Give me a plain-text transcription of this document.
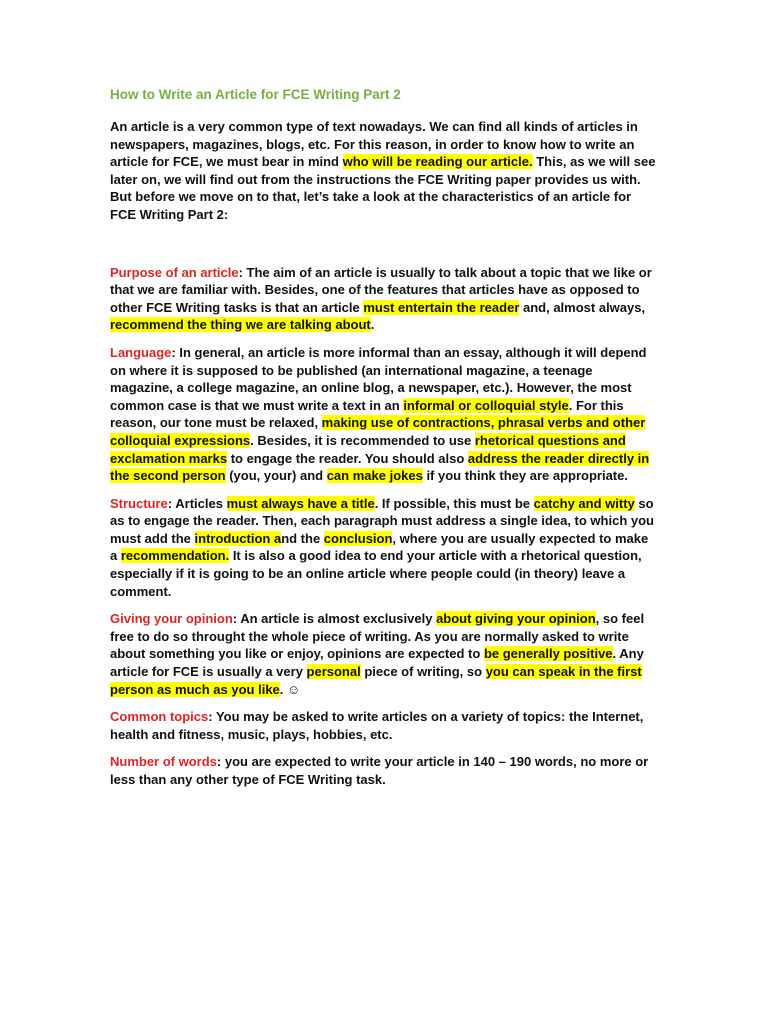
How to Write an Article for FCE Writing Part 2

An article is a very common type of text nowadays. We can find all kinds of articles in newspapers, magazines, blogs, etc. For this reason, in order to know how to write an article for FCE, we must bear in mind who will be reading our article. This, as we will see later on, we will find out from the instructions the FCE Writing paper provides us with. But before we move on to that, let’s take a look at the characteristics of an article for FCE Writing Part 2:

Purpose of an article: The aim of an article is usually to talk about a topic that we like or that we are familiar with. Besides, one of the features that articles have as opposed to other FCE Writing tasks is that an article must entertain the reader and, almost always, recommend the thing we are talking about.

Language: In general, an article is more informal than an essay, although it will depend on where it is supposed to be published (an international magazine, a teenage magazine, a college magazine, an online blog, a newspaper, etc.). However, the most common case is that we must write a text in an informal or colloquial style. For this reason, our tone must be relaxed, making use of contractions, phrasal verbs and other colloquial expressions. Besides, it is recommended to use rhetorical questions and exclamation marks to engage the reader. You should also address the reader directly in the second person (you, your) and can make jokes if you think they are appropriate.

Structure: Articles must always have a title. If possible, this must be catchy and witty so as to engage the reader. Then, each paragraph must address a single idea, to which you must add the introduction and the conclusion, where you are usually expected to make a recommendation. It is also a good idea to end your article with a rhetorical question, especially if it is going to be an online article where people could (in theory) leave a comment.

Giving your opinion: An article is almost exclusively about giving your opinion, so feel free to do so throught the whole piece of writing. As you are normally asked to write about something you like or enjoy, opinions are expected to be generally positive. Any article for FCE is usually a very personal piece of writing, so you can speak in the first person as much as you like. ☺

Common topics: You may be asked to write articles on a variety of topics: the Internet, health and fitness, music, plays, hobbies, etc.

Number of words: you are expected to write your article in 140 – 190 words, no more or less than any other type of FCE Writing task.
